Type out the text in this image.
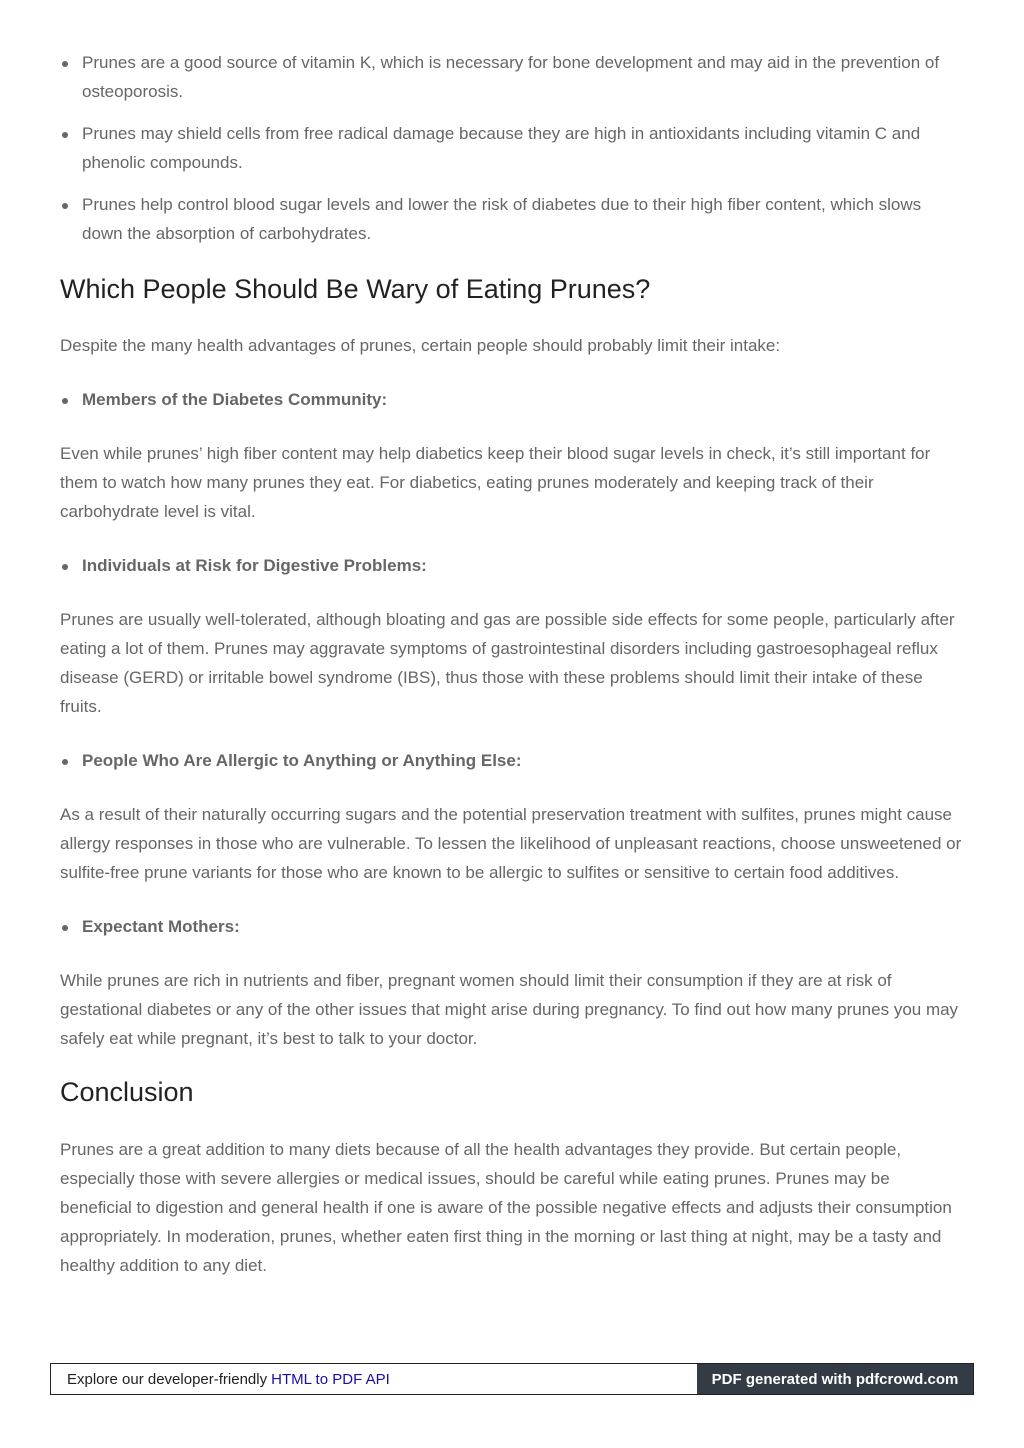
Prunes are a good source of vitamin K, which is necessary for bone development and may aid in the prevention of osteoporosis.
Prunes may shield cells from free radical damage because they are high in antioxidants including vitamin C and phenolic compounds.
Prunes help control blood sugar levels and lower the risk of diabetes due to their high fiber content, which slows down the absorption of carbohydrates.
Which People Should Be Wary of Eating Prunes?

Despite the many health advantages of prunes, certain people should probably limit their intake:

Members of the Diabetes Community:

Even while prunes’ high fiber content may help diabetics keep their blood sugar levels in check, it’s still important for them to watch how many prunes they eat. For diabetics, eating prunes moderately and keeping track of their carbohydrate level is vital.

Individuals at Risk for Digestive Problems:

Prunes are usually well-tolerated, although bloating and gas are possible side effects for some people, particularly after eating a lot of them. Prunes may aggravate symptoms of gastrointestinal disorders including gastroesophageal reflux disease (GERD) or irritable bowel syndrome (IBS), thus those with these problems should limit their intake of these fruits.

People Who Are Allergic to Anything or Anything Else:

As a result of their naturally occurring sugars and the potential preservation treatment with sulfites, prunes might cause allergy responses in those who are vulnerable. To lessen the likelihood of unpleasant reactions, choose unsweetened or sulfite-free prune variants for those who are known to be allergic to sulfites or sensitive to certain food additives.

Expectant Mothers:

While prunes are rich in nutrients and fiber, pregnant women should limit their consumption if they are at risk of gestational diabetes or any of the other issues that might arise during pregnancy. To find out how many prunes you may safely eat while pregnant, it’s best to talk to your doctor.

Conclusion

Prunes are a great addition to many diets because of all the health advantages they provide. But certain people, especially those with severe allergies or medical issues, should be careful while eating prunes. Prunes may be beneficial to digestion and general health if one is aware of the possible negative effects and adjusts their consumption appropriately. In moderation, prunes, whether eaten first thing in the morning or last thing at night, may be a tasty and healthy addition to any diet.

Explore our developer-friendly HTML to PDF API	PDF generated with pdfcrowd.com
